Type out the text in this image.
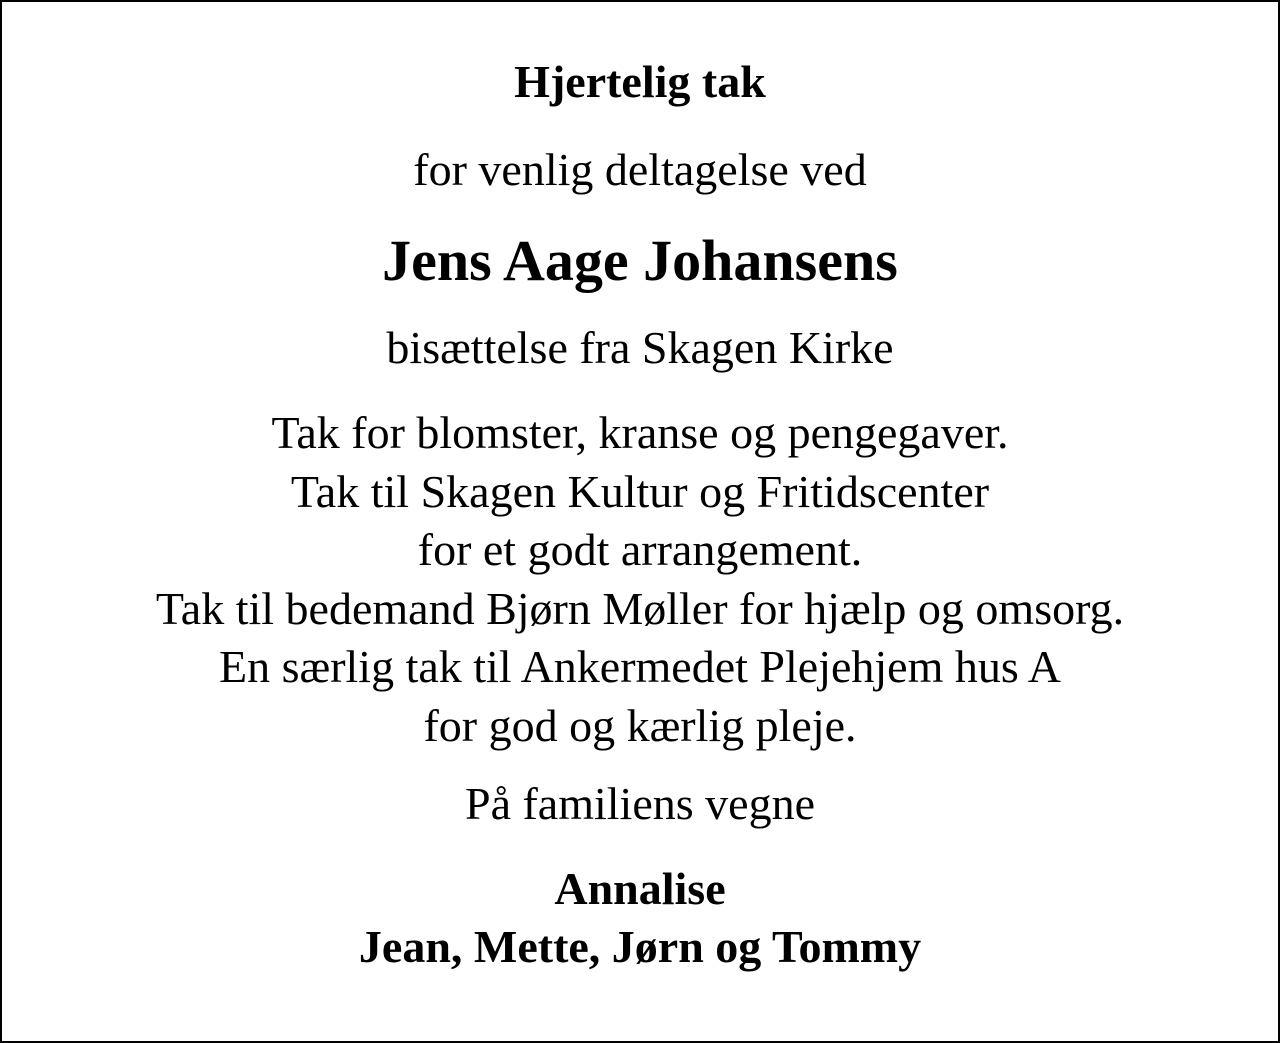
Hjertelig tak
for venlig deltagelse ved
Jens Aage Johansens
bisættelse fra Skagen Kirke
Tak for blomster, kranse og pengegaver.
Tak til Skagen Kultur og Fritidscenter
for et godt arrangement.
Tak til bedemand Bjørn Møller for hjælp og omsorg.
En særlig tak til Ankermedet Plejehjem hus A
for god og kærlig pleje.
På familiens vegne
Annalise
Jean, Mette, Jørn og Tommy
